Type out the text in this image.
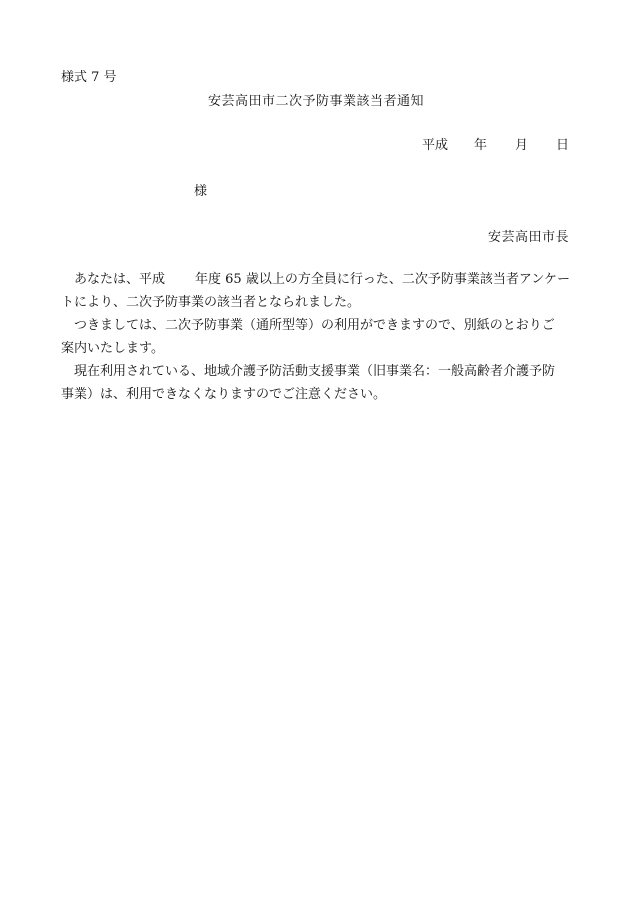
様式 7 号
安芸高田市二次予防事業該当者通知
平成 年 月 日
様
安芸高田市長

あなたは、平成 年度 65 歳以上の方全員に行った、二次予防事業該当者アンケー

トにより、二次予防事業の該当者となられました。

つきましては、二次予防事業（通所型等）の利用ができますので、別紙のとおりご

案内いたします。

現在利用されている、地域介護予防活動支援事業（旧事業名：一般高齢者介護予防

事業）は、利用できなくなりますのでご注意ください。
